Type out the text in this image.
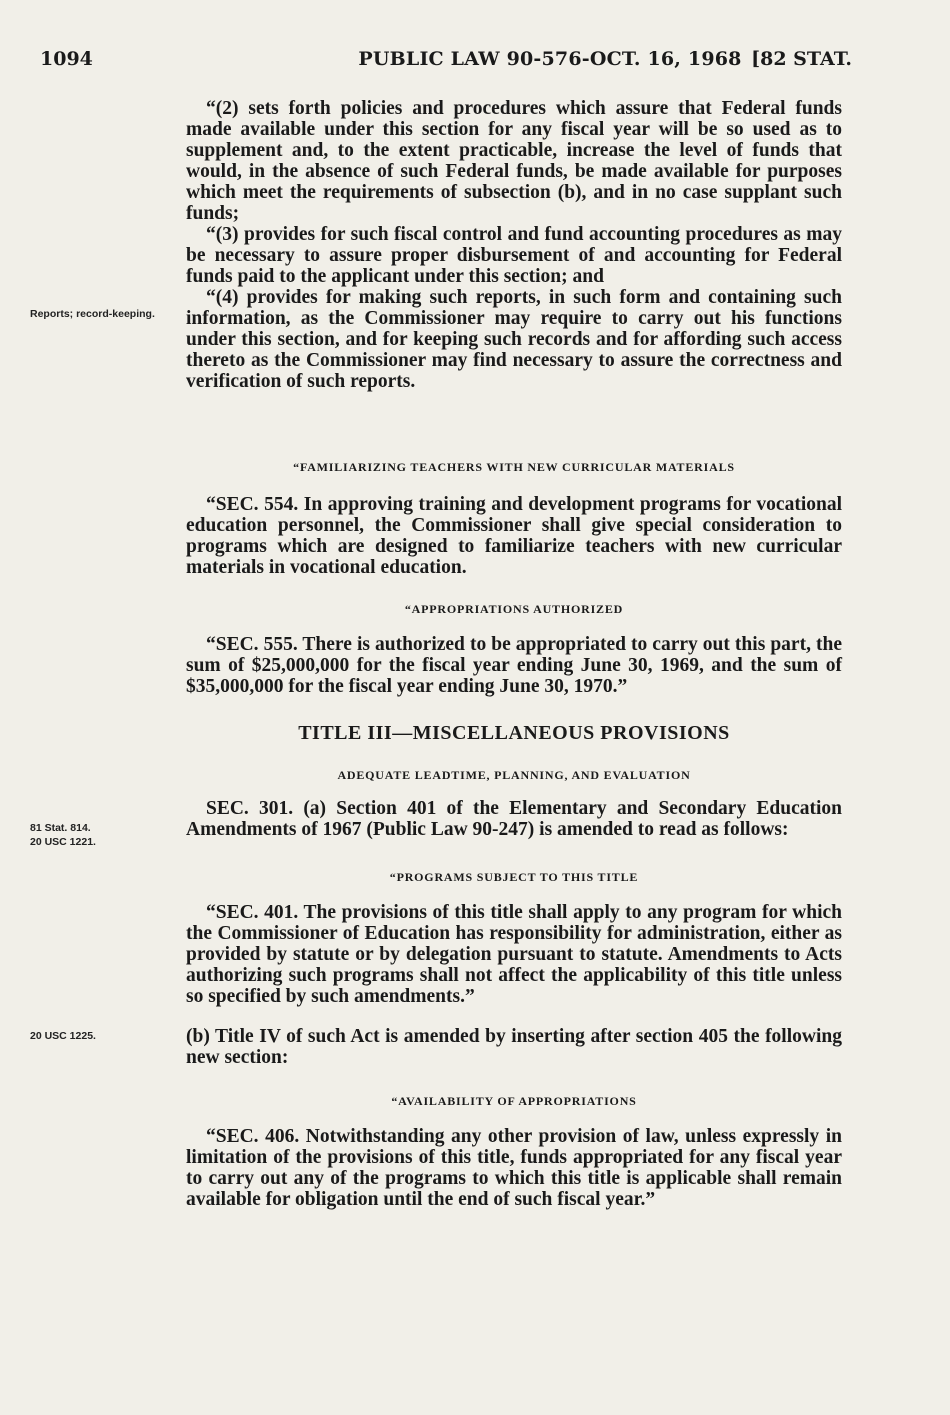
1094	PUBLIC LAW 90-576-OCT. 16, 1968 [82 STAT.

“(2) sets forth policies and procedures which assure that Federal funds made available under this section for any fiscal year will be so used as to supplement and, to the extent practicable, increase the level of funds that would, in the absence of such Federal funds, be made available for purposes which meet the requirements of subsection (b), and in no case supplant such funds;

“(3) provides for such fiscal control and fund accounting procedures as may be necessary to assure proper disbursement of and accounting for Federal funds paid to the applicant under this section; and

“(4) provides for making such reports, in such form and containing such information, as the Commissioner may require to carry out his functions under this section, and for keeping such records and for affording such access thereto as the Commissioner may find necessary to assure the correctness and verification of such reports.

Reports; record-keeping.
“FAMILIARIZING TEACHERS WITH NEW CURRICULAR MATERIALS

“SEC. 554. In approving training and development programs for vocational education personnel, the Commissioner shall give special consideration to programs which are designed to familiarize teachers with new curricular materials in vocational education.

“APPROPRIATIONS AUTHORIZED

“SEC. 555. There is authorized to be appropriated to carry out this part, the sum of $25,000,000 for the fiscal year ending June 30, 1969, and the sum of $35,000,000 for the fiscal year ending June 30, 1970.”

TITLE III—MISCELLANEOUS PROVISIONS
ADEQUATE LEADTIME, PLANNING, AND EVALUATION

SEC. 301. (a) Section 401 of the Elementary and Secondary Education Amendments of 1967 (Public Law 90-247) is amended to read as follows:

81 Stat. 814.
20 USC 1221.
“PROGRAMS SUBJECT TO THIS TITLE

“SEC. 401. The provisions of this title shall apply to any program for which the Commissioner of Education has responsibility for administration, either as provided by statute or by delegation pursuant to statute. Amendments to Acts authorizing such programs shall not affect the applicability of this title unless so specified by such amendments.”

(b) Title IV of such Act is amended by inserting after section 405 the following new section:

20 USC 1225.
“AVAILABILITY OF APPROPRIATIONS

“SEC. 406. Notwithstanding any other provision of law, unless expressly in limitation of the provisions of this title, funds appropriated for any fiscal year to carry out any of the programs to which this title is applicable shall remain available for obligation until the end of such fiscal year.”
